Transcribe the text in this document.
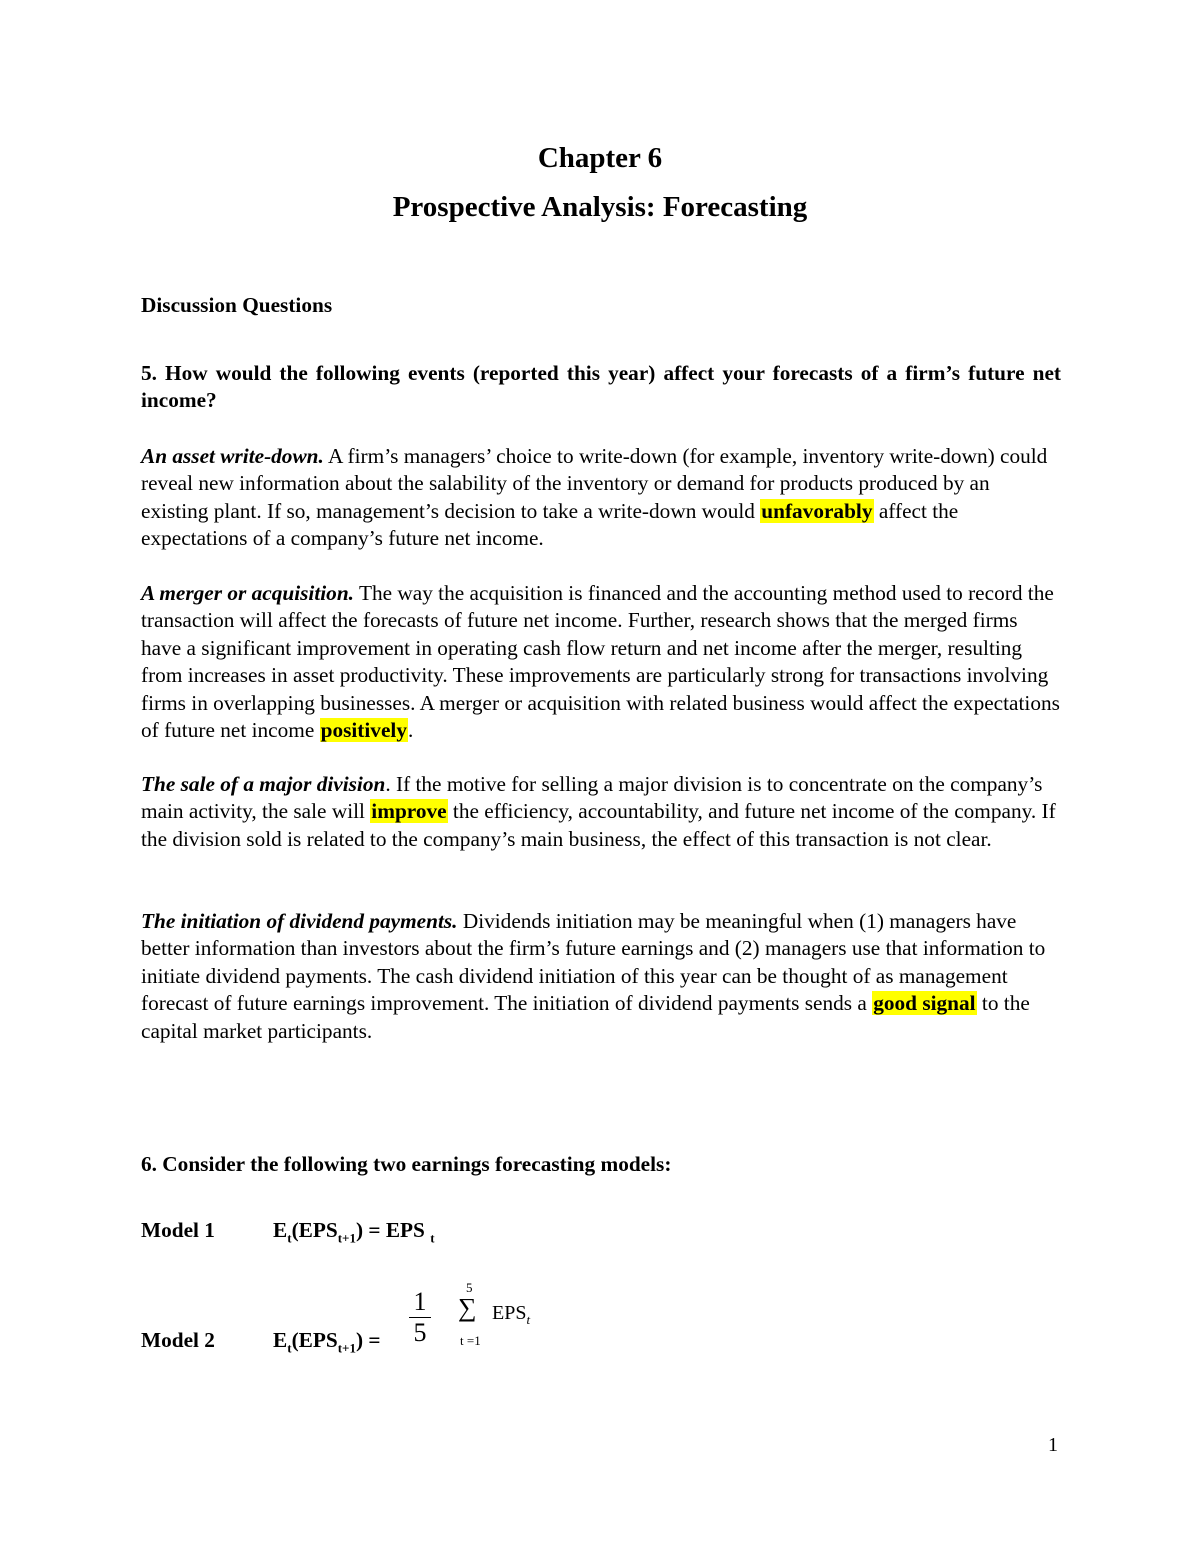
Chapter 6
Prospective Analysis: Forecasting
Discussion Questions
5. How would the following events (reported this year) affect your forecasts of a firm’s future net income?
An asset write-down. A firm’s managers’ choice to write-down (for example, inventory write-down) could reveal new information about the salability of the inventory or demand for products produced by an existing plant. If so, management’s decision to take a write-down would unfavorably affect the expectations of a company’s future net income.
A merger or acquisition. The way the acquisition is financed and the accounting method used to record the transaction will affect the forecasts of future net income. Further, research shows that the merged firms have a significant improvement in operating cash flow return and net income after the merger, resulting from increases in asset productivity. These improvements are particularly strong for transactions involving firms in overlapping businesses. A merger or acquisition with related business would affect the expectations of future net income positively.
The sale of a major division. If the motive for selling a major division is to concentrate on the company’s main activity, the sale will improve the efficiency, accountability, and future net income of the company. If the division sold is related to the company’s main business, the effect of this transaction is not clear.
The initiation of dividend payments. Dividends initiation may be meaningful when (1) managers have better information than investors about the firm’s future earnings and (2) managers use that information to initiate dividend payments. The cash dividend initiation of this year can be thought of as management forecast of future earnings improvement. The initiation of dividend payments sends a good signal to the capital market participants.
6. Consider the following two earnings forecasting models:
Model 1	$E_t(EPS_{t+1})$ = EPS $_t$
Model 2	$E_t(EPS_{t+1}) = \frac{1}{5}$	5
∑
t =1
$EPS_t$
1
